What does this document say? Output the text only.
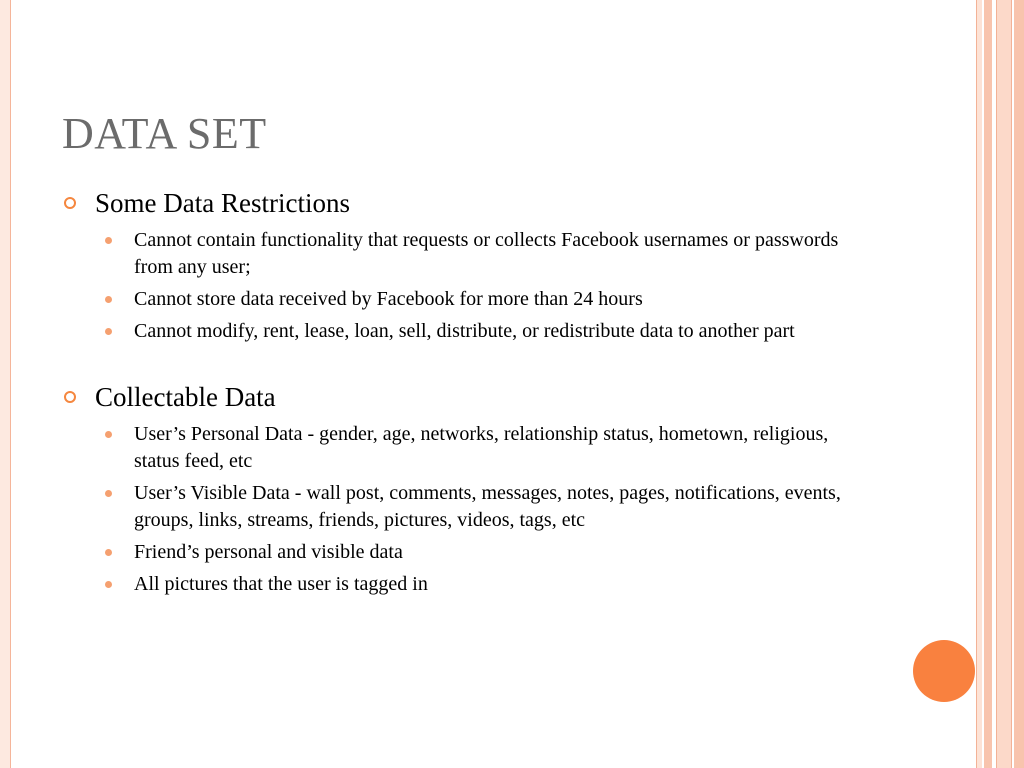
DATA SET
Some Data Restrictions
Cannot contain functionality that requests or collects Facebook usernames or passwords from any user;
Cannot store data received by Facebook for more than 24 hours
Cannot modify, rent, lease, loan, sell, distribute, or redistribute data to another part
Collectable Data
User’s Personal Data - gender, age, networks, relationship status, hometown, religious, status feed, etc
User’s Visible Data - wall post, comments, messages, notes, pages, notifications, events, groups, links, streams, friends, pictures, videos, tags, etc
Friend’s personal and visible data
All pictures that the user is tagged in
